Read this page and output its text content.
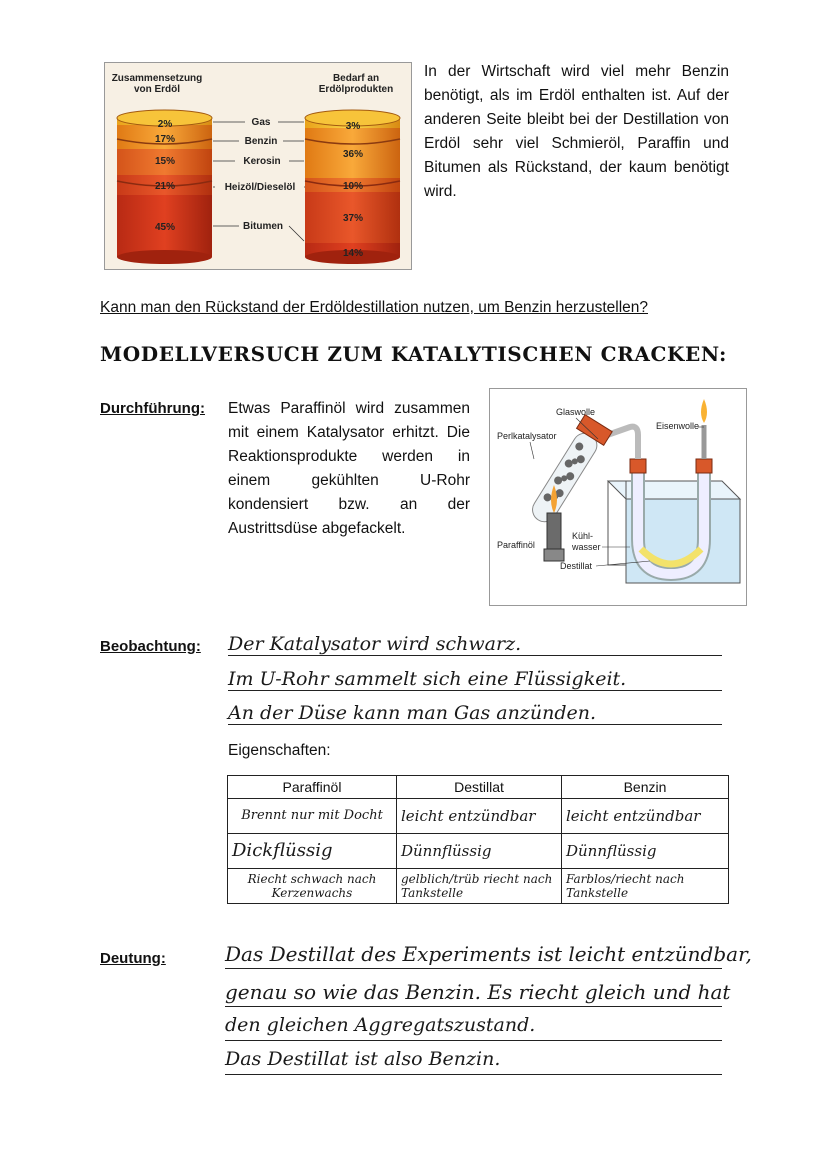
Zusammensetzung
von Erdöl
Bedarf an
Erdölprodukten
2%
17%
15%
21%
45%
3%
36%
10%
37%
14%
Gas
Benzin
Kerosin
Heizöl/Dieselöl
Bitumen

In der Wirtschaft wird viel mehr Benzin benötigt, als im Erdöl enthalten ist. Auf der anderen Seite bleibt bei der Destillation von Erdöl sehr viel Schmieröl, Paraffin und Bitumen als Rückstand, der kaum benötigt wird.

Kann man den Rückstand der Erdöldestillation nutzen, um Benzin herzustellen?
MODELLVERSUCH ZUM KATALYTISCHEN CRACKEN:
Durchführung: Etwas Paraffinöl wird zusammen mit einem Katalysator erhitzt. Die Reaktionsprodukte werden in einem gekühlten U-Rohr kondensiert bzw. an der Austrittsdüse abgefackelt.
Glaswolle
Eisenwolle
Perlkatalysator
Kühl-
wasser
Paraffinöl
Destillat
Beobachtung: Der Katalysator wird schwarz.
Im U-Rohr sammelt sich eine Flüssigkeit.
An der Düse kann man Gas anzünden.
Eigenschaften:
Paraffinöl	Destillat	Benzin
Brennt nur mit Docht	leicht entzündbar	leicht entzündbar
Dickflüssig	Dünnflüssig	Dünnflüssig
Riecht schwach nach Kerzenwachs	gelblich/trüb riecht nach Tankstelle	Farblos/riecht nach Tankstelle
Deutung:	Das Destillat des Experiments ist leicht entzündbar,
genau so wie das Benzin. Es riecht gleich und hat
den gleichen Aggregatszustand.
Das Destillat ist also Benzin.
